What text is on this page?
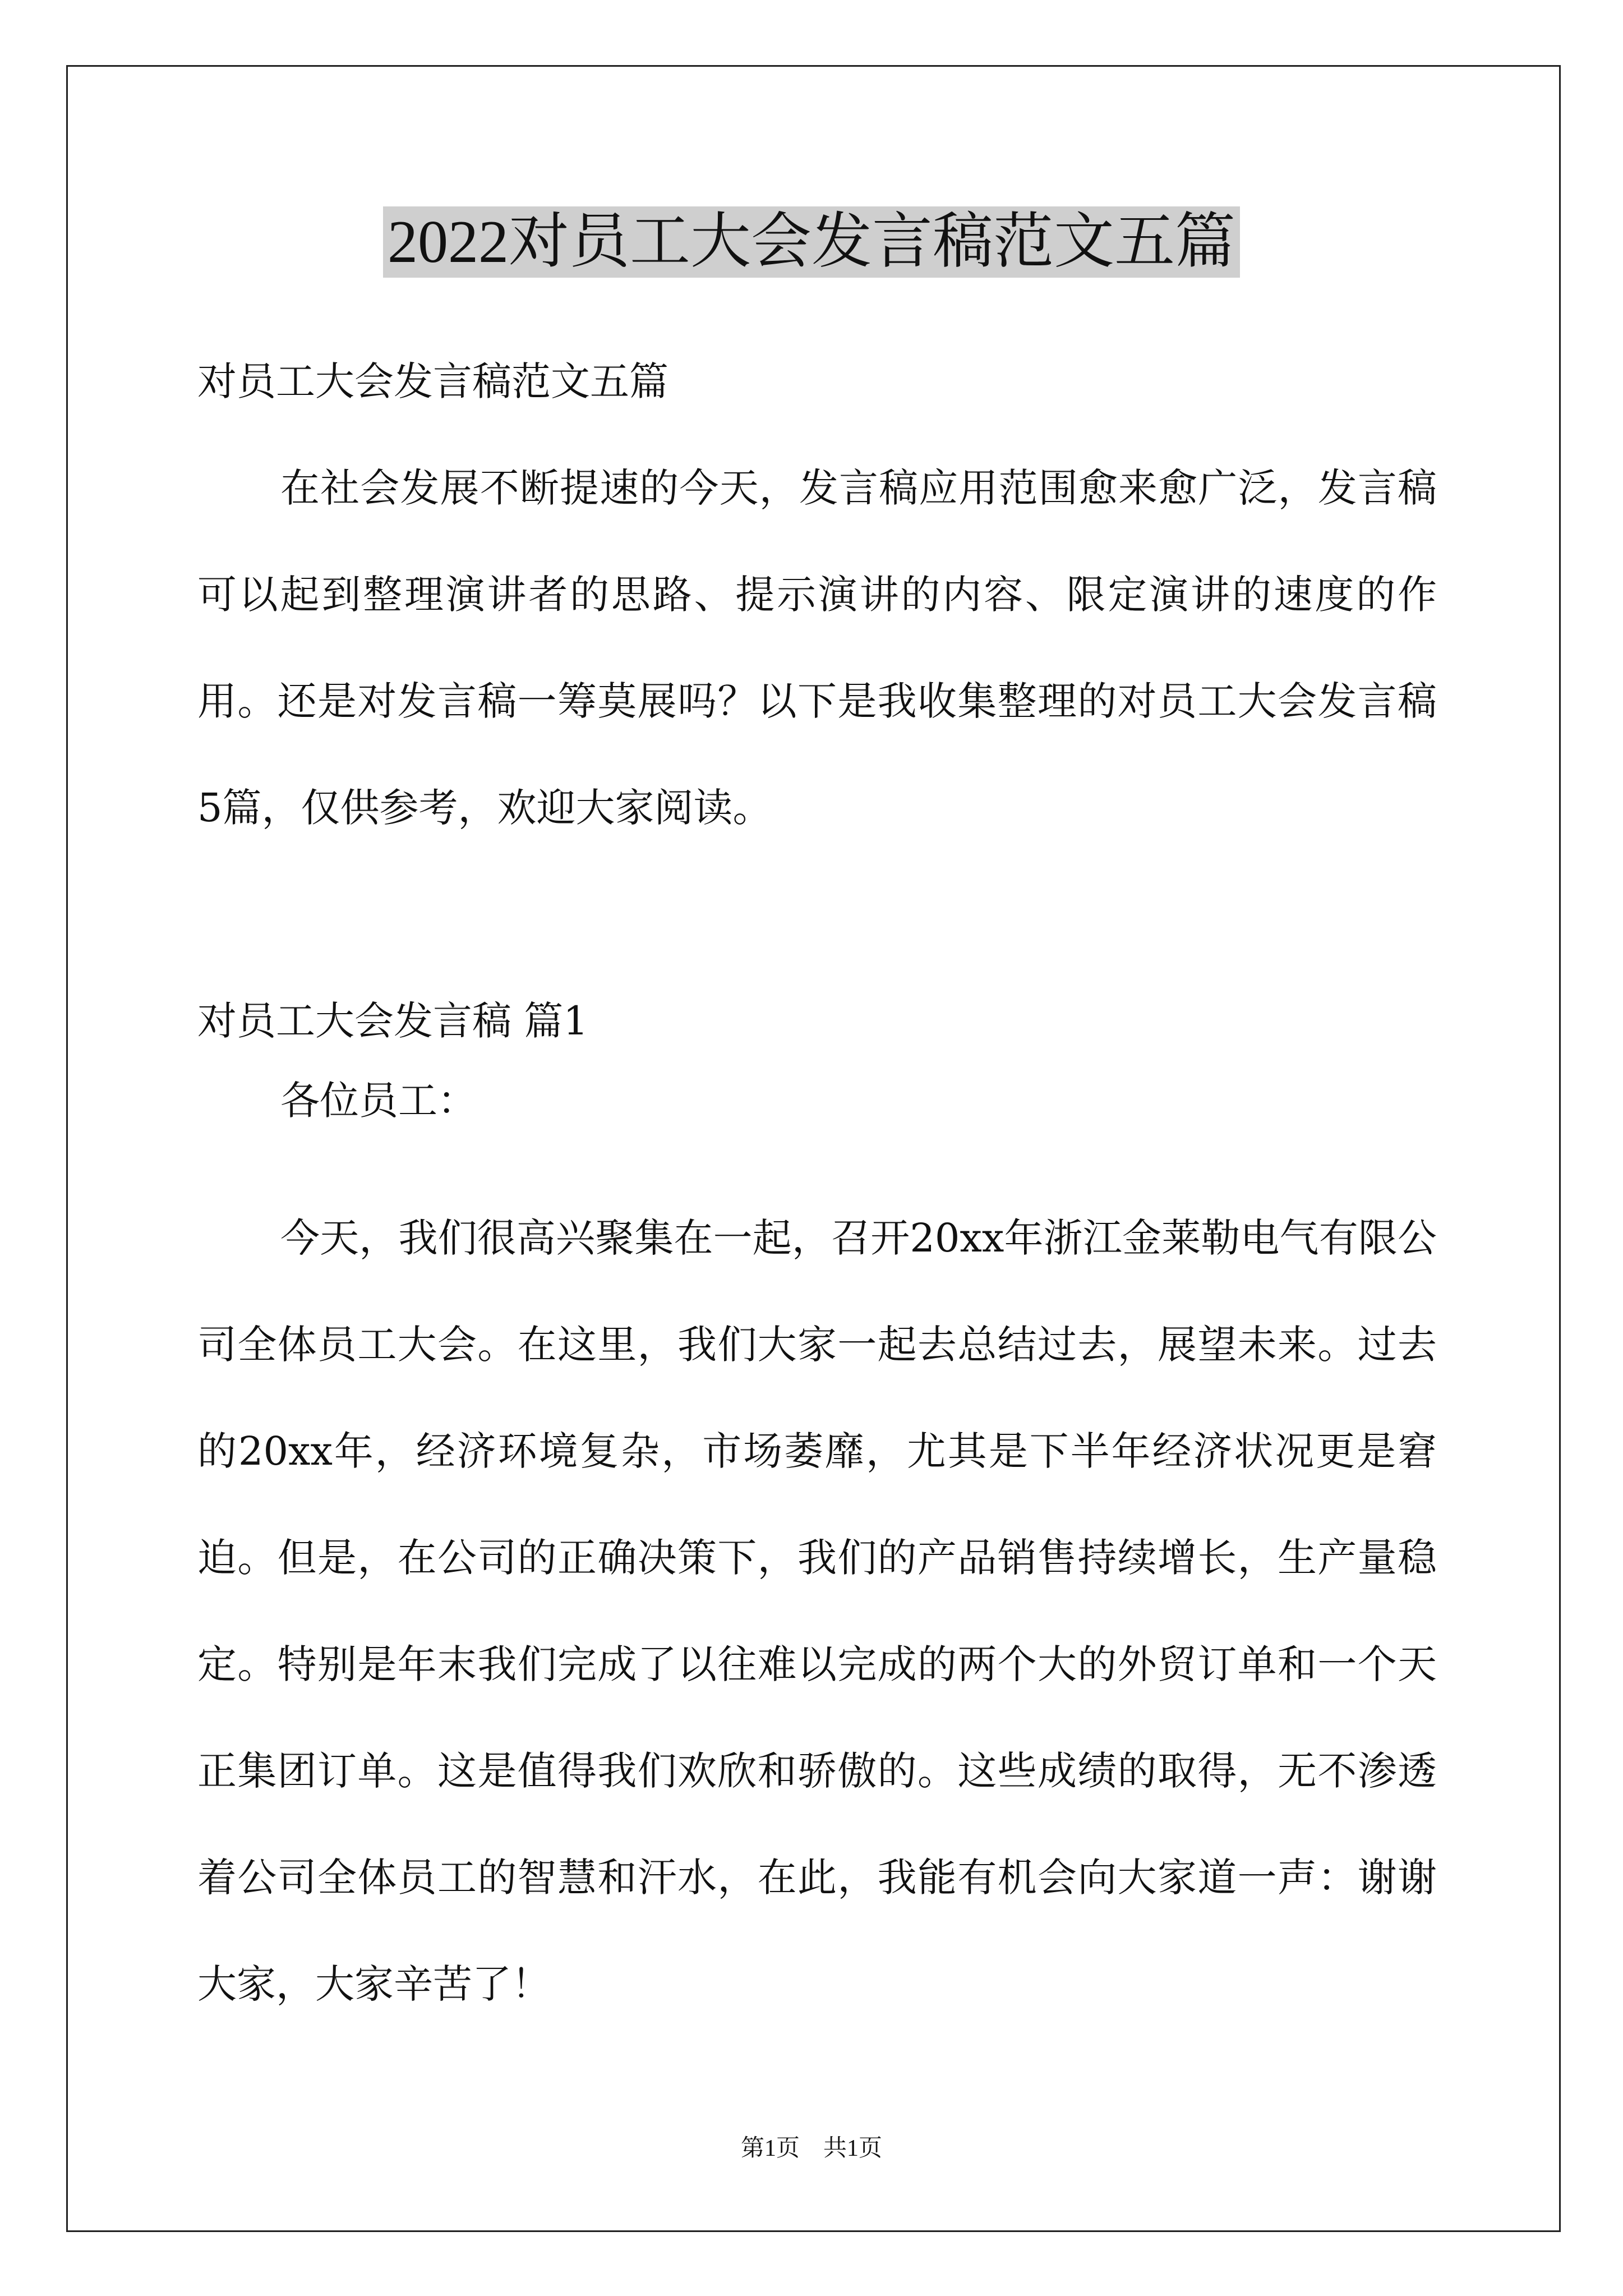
2022对员工大会发言稿范文五篇

对员工大会发言稿范文五篇

在社会发展不断提速的今天，发言稿应用范围愈来愈广泛，发言稿可以起到整理演讲者的思路、提示演讲的内容、限定演讲的速度的作用。还是对发言稿一筹莫展吗？以下是我收集整理的对员工大会发言稿5篇，仅供参考，欢迎大家阅读。

对员工大会发言稿 篇1

各位员工：

今天，我们很高兴聚集在一起，召开20xx年浙江金莱勒电气有限公司全体员工大会。在这里，我们大家一起去总结过去，展望未来。过去的20xx年，经济环境复杂，市场萎靡，尤其是下半年经济状况更是窘迫。但是，在公司的正确决策下，我们的产品销售持续增长，生产量稳定。特别是年末我们完成了以往难以完成的两个大的外贸订单和一个天正集团订单。这是值得我们欢欣和骄傲的。这些成绩的取得，无不渗透着公司全体员工的智慧和汗水，在此，我能有机会向大家道一声：谢谢大家，大家辛苦了！

第1页　共1页
